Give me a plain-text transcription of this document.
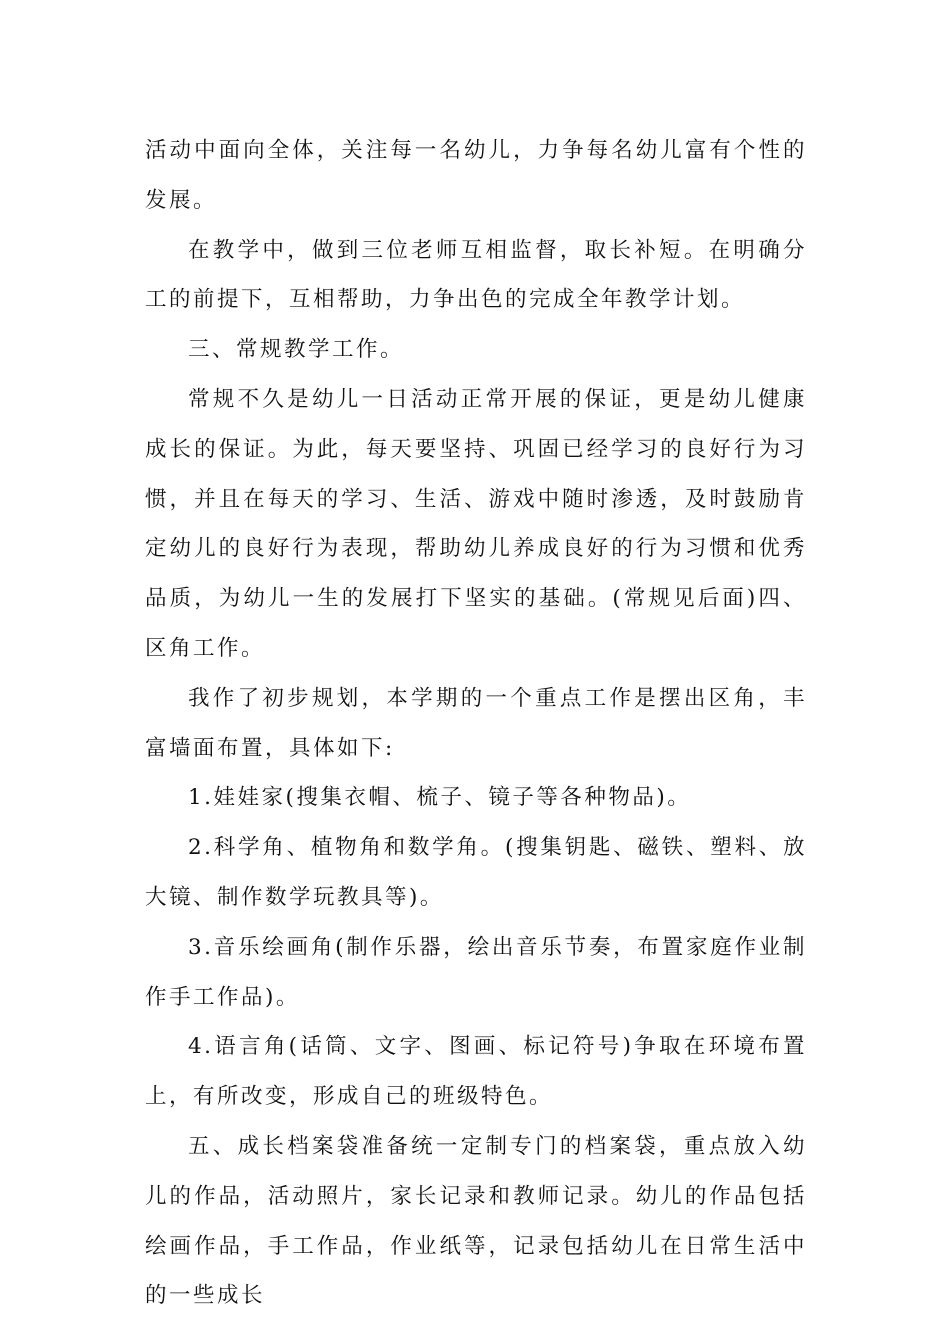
活动中面向全体，关注每一名幼儿，力争每名幼儿富有个性的发展。

在教学中，做到三位老师互相监督，取长补短。在明确分工的前提下，互相帮助，力争出色的完成全年教学计划。

三、常规教学工作。

常规不久是幼儿一日活动正常开展的保证，更是幼儿健康成长的保证。为此，每天要坚持、巩固已经学习的良好行为习惯，并且在每天的学习、生活、游戏中随时渗透，及时鼓励肯定幼儿的良好行为表现，帮助幼儿养成良好的行为习惯和优秀品质，为幼儿一生的发展打下坚实的基础。(常规见后面)四、区角工作。

我作了初步规划，本学期的一个重点工作是摆出区角，丰富墙面布置，具体如下:

1.娃娃家(搜集衣帽、梳子、镜子等各种物品)。

2.科学角、植物角和数学角。(搜集钥匙、磁铁、塑料、放大镜、制作数学玩教具等)。

3.音乐绘画角(制作乐器，绘出音乐节奏，布置家庭作业制作手工作品)。

4.语言角(话筒、文字、图画、标记符号)争取在环境布置上，有所改变，形成自己的班级特色。

五、成长档案袋准备统一定制专门的档案袋，重点放入幼儿的作品，活动照片，家长记录和教师记录。幼儿的作品包括绘画作品，手工作品，作业纸等，记录包括幼儿在日常生活中的一些成长
